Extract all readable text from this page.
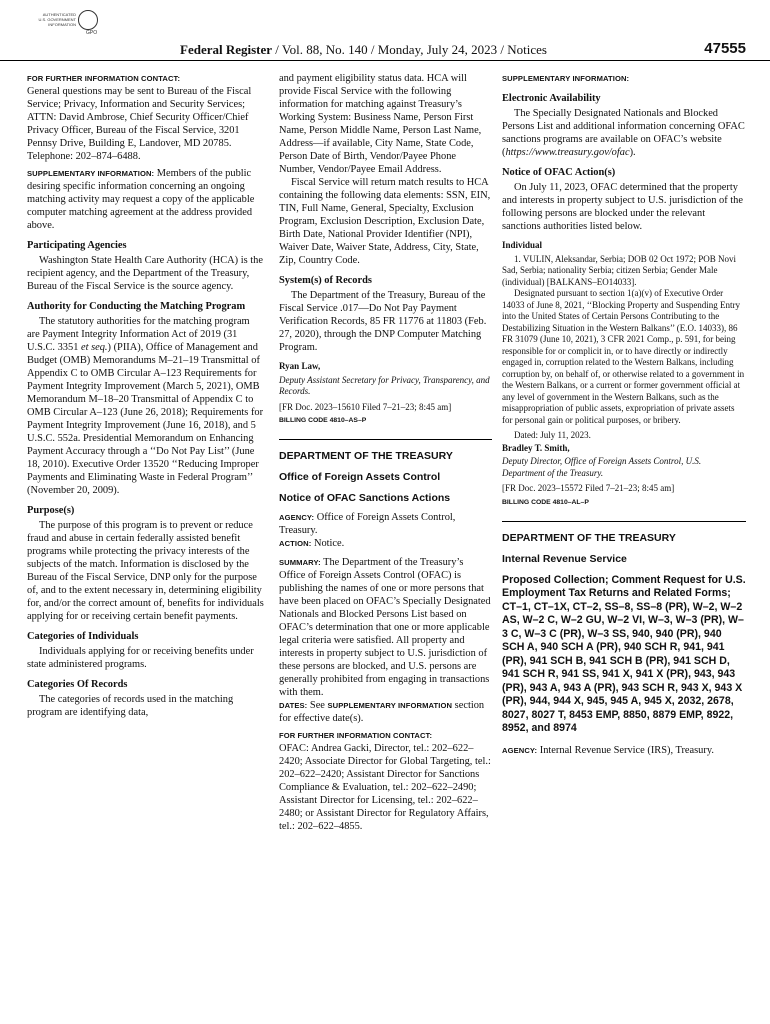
AUTHENTICATED
U.S. GOVERNMENT
INFORMATION
GPO
Federal Register / Vol. 88, No. 140 / Monday, July 24, 2023 / Notices	47555
FOR FURTHER INFORMATION CONTACT:

General questions may be sent to Bureau of the Fiscal Service; Privacy, Information and Security Services; ATTN: David Ambrose, Chief Security Officer/Chief Privacy Officer, Bureau of the Fiscal Service, 3201 Pennsy Drive, Building E, Landover, MD 20785. Telephone: 202–874–6488.

SUPPLEMENTARY INFORMATION: Members of the public desiring specific information concerning an ongoing matching activity may request a copy of the applicable computer matching agreement at the address provided above.

Participating Agencies

Washington State Health Care Authority (HCA) is the recipient agency, and the Department of the Treasury, Bureau of the Fiscal Service is the source agency.

Authority for Conducting the Matching Program

The statutory authorities for the matching program are Payment Integrity Information Act of 2019 (31 U.S.C. 3351 et seq.) (PIIA), Office of Management and Budget (OMB) Memorandums M–21–19 Transmittal of Appendix C to OMB Circular A–123 Requirements for Payment Integrity Improvement (March 5, 2021), OMB Memorandum M–18–20 Transmittal of Appendix C to OMB Circular A–123 (June 26, 2018); Requirements for Payment Integrity Improvement (June 16, 2018), and 5 U.S.C. 552a. Presidential Memorandum on Enhancing Payment Accuracy through a ‘‘Do Not Pay List’’ (June 18, 2010). Executive Order 13520 ‘‘Reducing Improper Payments and Eliminating Waste in Federal Program’’ (November 20, 2009).

Purpose(s)

The purpose of this program is to prevent or reduce fraud and abuse in certain federally assisted benefit programs while protecting the privacy interests of the subjects of the match. Information is disclosed by the Bureau of the Fiscal Service, DNP only for the purpose of, and to the extent necessary in, determining eligibility for, and/or the correct amount of, benefits for individuals applying for or receiving certain benefit payments.

Categories of Individuals

Individuals applying for or receiving benefits under state administered programs.

Categories Of Records

The categories of records used in the matching program are identifying data,

and payment eligibility status data. HCA will provide Fiscal Service with the following information for matching against Treasury’s Working System: Business Name, Person First Name, Person Middle Name, Person Last Name, Address—if available, City Name, State Code, Person Date of Birth, Vendor/Payee Phone Number, Vendor/Payee Email Address.

Fiscal Service will return match results to HCA containing the following data elements: SSN, EIN, TIN, Full Name, General, Specialty, Exclusion Program, Exclusion Description, Exclusion Date, Birth Date, National Provider Identifier (NPI), Waiver Date, Waiver State, Address, City, State, Zip, Country Code.

System(s) of Records

The Department of the Treasury, Bureau of the Fiscal Service .017—Do Not Pay Payment Verification Records, 85 FR 11776 at 11803 (Feb. 27, 2020), through the DNP Computer Matching Program.

Ryan Law,
Deputy Assistant Secretary for Privacy, Transparency, and Records.
[FR Doc. 2023–15610 Filed 7–21–23; 8:45 am]
BILLING CODE 4810–AS–P
DEPARTMENT OF THE TREASURY
Office of Foreign Assets Control
Notice of OFAC Sanctions Actions

AGENCY: Office of Foreign Assets Control, Treasury.

ACTION: Notice.

SUMMARY: The Department of the Treasury’s Office of Foreign Assets Control (OFAC) is publishing the names of one or more persons that have been placed on OFAC’s Specially Designated Nationals and Blocked Persons List based on OFAC’s determination that one or more applicable legal criteria were satisfied. All property and interests in property subject to U.S. jurisdiction of these persons are blocked, and U.S. persons are generally prohibited from engaging in transactions with them.

DATES: See SUPPLEMENTARY INFORMATION section for effective date(s).

FOR FURTHER INFORMATION CONTACT:

OFAC: Andrea Gacki, Director, tel.: 202–622–2420; Associate Director for Global Targeting, tel.: 202–622–2420; Assistant Director for Sanctions Compliance & Evaluation, tel.: 202–622–2490; Assistant Director for Licensing, tel.: 202–622–2480; or Assistant Director for Regulatory Affairs, tel.: 202–622–4855.

SUPPLEMENTARY INFORMATION:
Electronic Availability

The Specially Designated Nationals and Blocked Persons List and additional information concerning OFAC sanctions programs are available on OFAC’s website (https://www.treasury.gov/ofac).

Notice of OFAC Action(s)

On July 11, 2023, OFAC determined that the property and interests in property subject to U.S. jurisdiction of the following persons are blocked under the relevant sanctions authorities listed below.

Individual

1. VULIN, Aleksandar, Serbia; DOB 02 Oct 1972; POB Novi Sad, Serbia; nationality Serbia; citizen Serbia; Gender Male (individual) [BALKANS–EO14033].

Designated pursuant to section 1(a)(v) of Executive Order 14033 of June 8, 2021, ‘‘Blocking Property and Suspending Entry into the United States of Certain Persons Contributing to the Destabilizing Situation in the Western Balkans’’ (E.O. 14033), 86 FR 31079 (June 10, 2021), 3 CFR 2021 Comp., p. 591, for being responsible for or complicit in, or to have directly or indirectly engaged in, corruption related to the Western Balkans, including corruption by, on behalf of, or otherwise related to a government in the Western Balkans, or a current or former government official at any level of government in the Western Balkans, such as the misappropriation of public assets, expropriation of private assets for personal gain or political purposes, or bribery.

Dated: July 11, 2023.

Bradley T. Smith,
Deputy Director, Office of Foreign Assets Control, U.S. Department of the Treasury.
[FR Doc. 2023–15572 Filed 7–21–23; 8:45 am]
BILLING CODE 4810–AL–P
DEPARTMENT OF THE TREASURY
Internal Revenue Service
Proposed Collection; Comment Request for U.S. Employment Tax Returns and Related Forms; CT–1, CT–1X, CT–2, SS–8, SS–8 (PR), W–2, W–2 AS, W–2 C, W–2 GU, W–2 VI, W–3, W–3 (PR), W–3 C, W–3 C (PR), W–3 SS, 940, 940 (PR), 940 SCH A, 940 SCH A (PR), 940 SCH R, 941, 941 (PR), 941 SCH B, 941 SCH B (PR), 941 SCH D, 941 SCH R, 941 SS, 941 X, 941 X (PR), 943, 943 (PR), 943 A, 943 A (PR), 943 SCH R, 943 X, 943 X (PR), 944, 944 X, 945, 945 A, 945 X, 2032, 2678, 8027, 8027 T, 8453 EMP, 8850, 8879 EMP, 8922, 8952, and 8974

AGENCY: Internal Revenue Service (IRS), Treasury.
